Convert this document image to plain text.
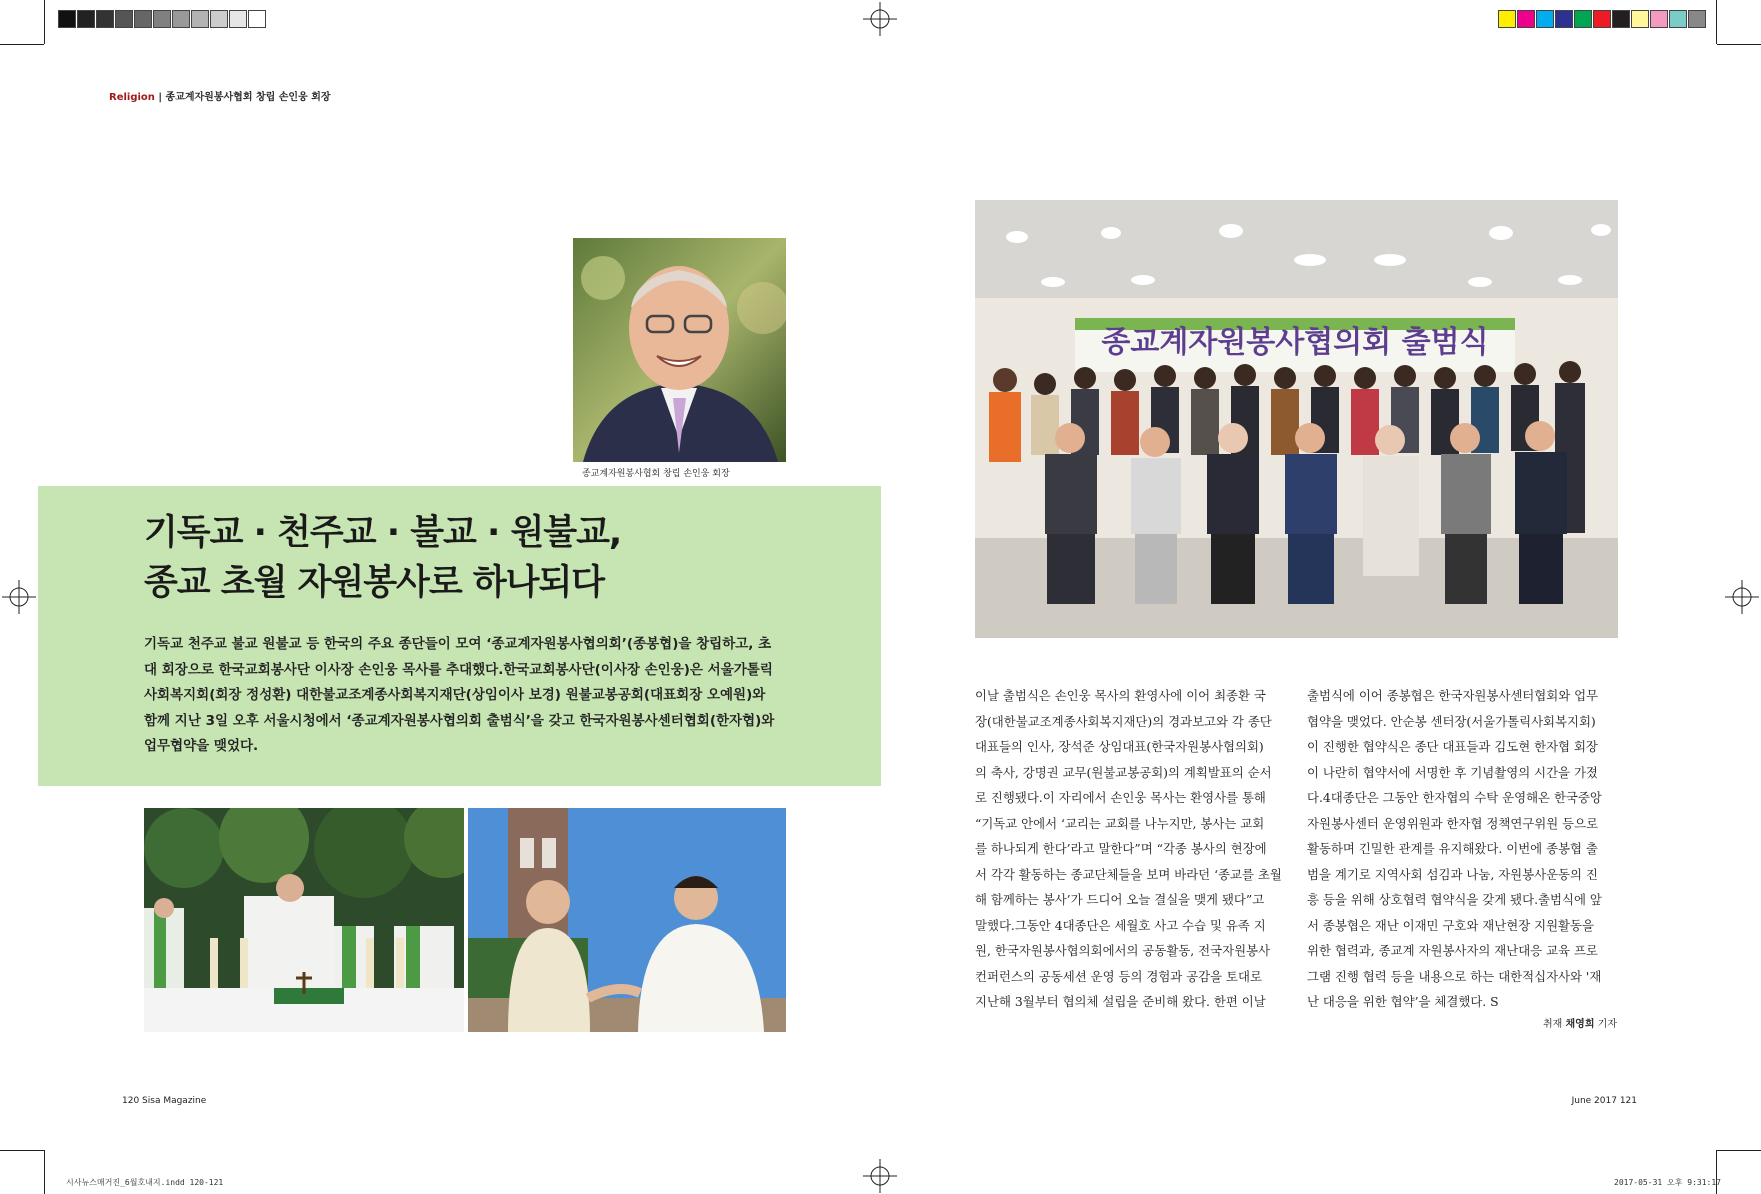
Religion | 종교계자원봉사협회 창립 손인웅 회장
종교계자원봉사협회 창립 손인웅 회장
종교계자원봉사협의회 출범식
기독교 · 천주교 · 불교 · 원불교,
종교 초월 자원봉사로 하나되다
기독교 천주교 불교 원불교 등 한국의 주요 종단들이 모여 ‘종교계자원봉사협의회’(종봉협)을 창립하고, 초
대 회장으로 한국교회봉사단 이사장 손인웅 목사를 추대했다.한국교회봉사단(이사장 손인웅)은 서울가톨릭
사회복지회(회장 정성환) 대한불교조계종사회복지재단(상임이사 보경) 원불교봉공회(대표회장 오예원)와
함께 지난 3일 오후 서울시청에서 ‘종교계자원봉사협의회 출범식’을 갖고 한국자원봉사센터협회(한자협)와
업무협약을 맺었다.
이날 출범식은 손인웅 목사의 환영사에 이어 최종환 국
장(대한불교조계종사회복지재단)의 경과보고와 각 종단
대표들의 인사, 장석준 상임대표(한국자원봉사협의회)
의 축사, 강명권 교무(원불교봉공회)의 계획발표의 순서
로 진행됐다.이 자리에서 손인웅 목사는 환영사를 통해
“기독교 안에서 ‘교리는 교회를 나누지만, 봉사는 교회
를 하나되게 한다’라고 말한다”며 “각종 봉사의 현장에
서 각각 활동하는 종교단체들을 보며 바라던 ‘종교를 초월
해 함께하는 봉사’가 드디어 오늘 결실을 맺게 됐다”고
말했다.그동안 4대종단은 세월호 사고 수습 및 유족 지
원, 한국자원봉사협의회에서의 공동활동, 전국자원봉사
컨퍼런스의 공동세션 운영 등의 경험과 공감을 토대로
지난해 3월부터 협의체 설립을 준비해 왔다. 한편 이날
출범식에 이어 종봉협은 한국자원봉사센터협회와 업무
협약을 맺었다. 안순봉 센터장(서울가톨릭사회복지회)
이 진행한 협약식은 종단 대표들과 김도현 한자협 회장
이 나란히 협약서에 서명한 후 기념촬영의 시간을 가졌
다.4대종단은 그동안 한자협의 수탁 운영해온 한국중앙
자원봉사센터 운영위원과 한자협 정책연구위원 등으로
활동하며 긴밀한 관계를 유지해왔다. 이번에 종봉협 출
범을 계기로 지역사회 섬김과 나눔, 자원봉사운동의 진
흥 등을 위해 상호협력 협약식을 갖게 됐다.출범식에 앞
서 종봉협은 재난 이재민 구호와 재난현장 지원활동을
위한 협력과, 종교계 자원봉사자의 재난대응 교육 프로
그램 진행 협력 등을 내용으로 하는 대한적십자사와 '재
난 대응을 위한 협약’을 체결했다. S
취재 채영희 기자
120 Sisa Magazine	June 2017 121
시사뉴스매거진_6월호내지.indd 120-121	2017-05-31 오후 9:31:17
